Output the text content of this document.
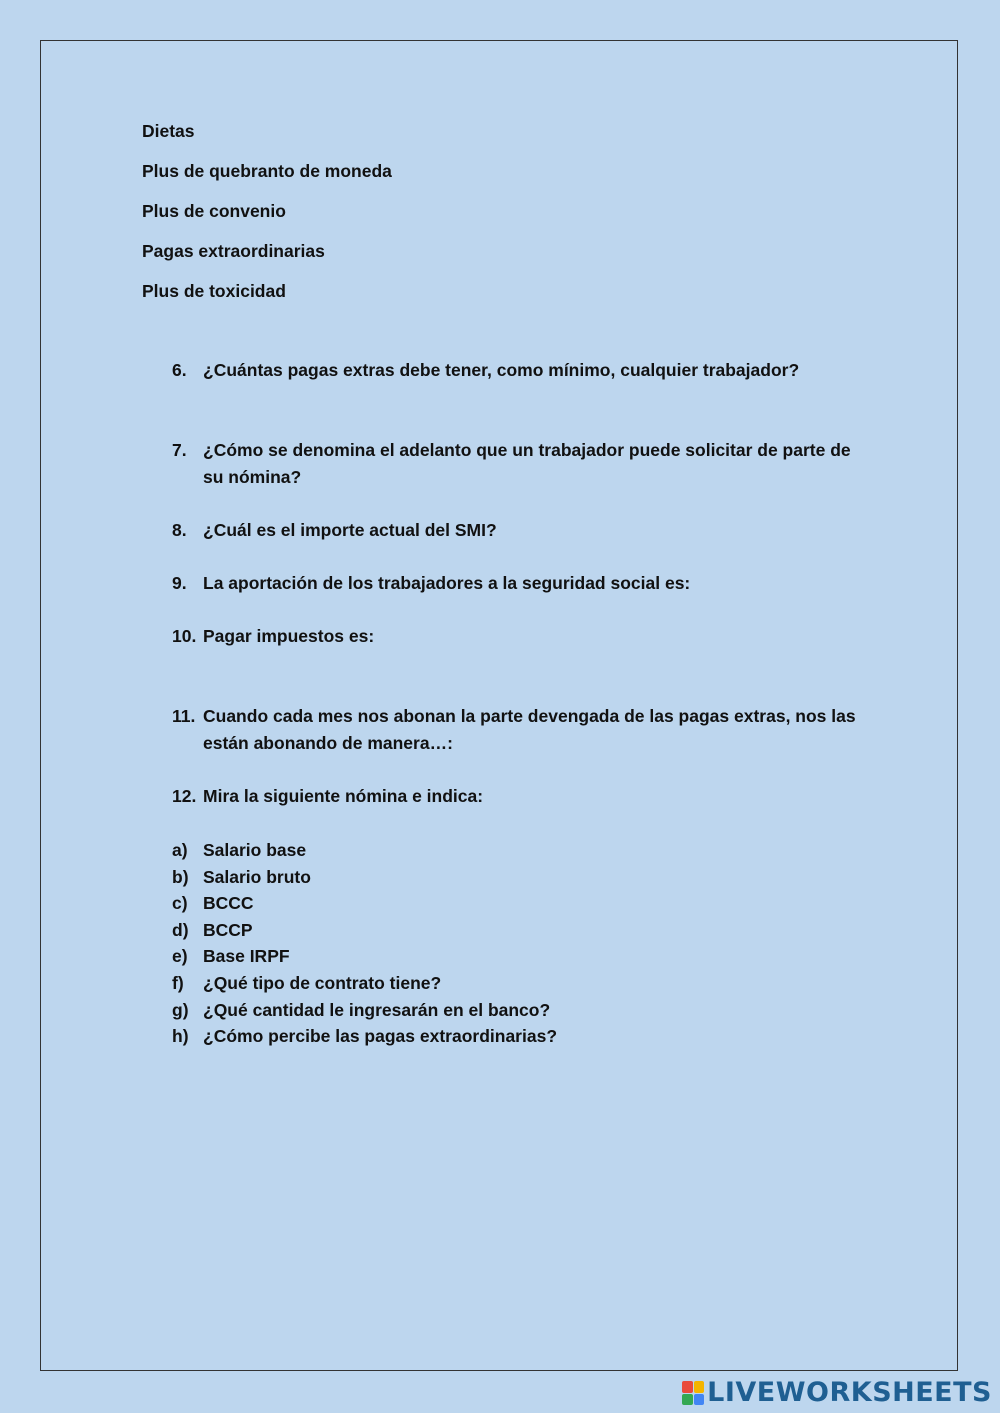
Dietas
Plus de quebranto de moneda
Plus de convenio
Pagas extraordinarias
Plus de toxicidad
6. ¿Cuántas pagas extras debe tener, como mínimo, cualquier trabajador?
7. ¿Cómo se denomina el adelanto que un trabajador puede solicitar de parte de su nómina?
8. ¿Cuál es el importe actual del SMI?
9. La aportación de los trabajadores a la seguridad social es:
10. Pagar impuestos es:
11. Cuando cada mes nos abonan la parte devengada de las pagas extras, nos las están abonando de manera…:
12. Mira la siguiente nómina e indica:
a) Salario base
b) Salario bruto
c) BCCC
d) BCCP
e) Base IRPF
f) ¿Qué tipo de contrato tiene?
g) ¿Qué cantidad le ingresarán en el banco?
h) ¿Cómo percibe las pagas extraordinarias?
LIVEWORKSHEETS
